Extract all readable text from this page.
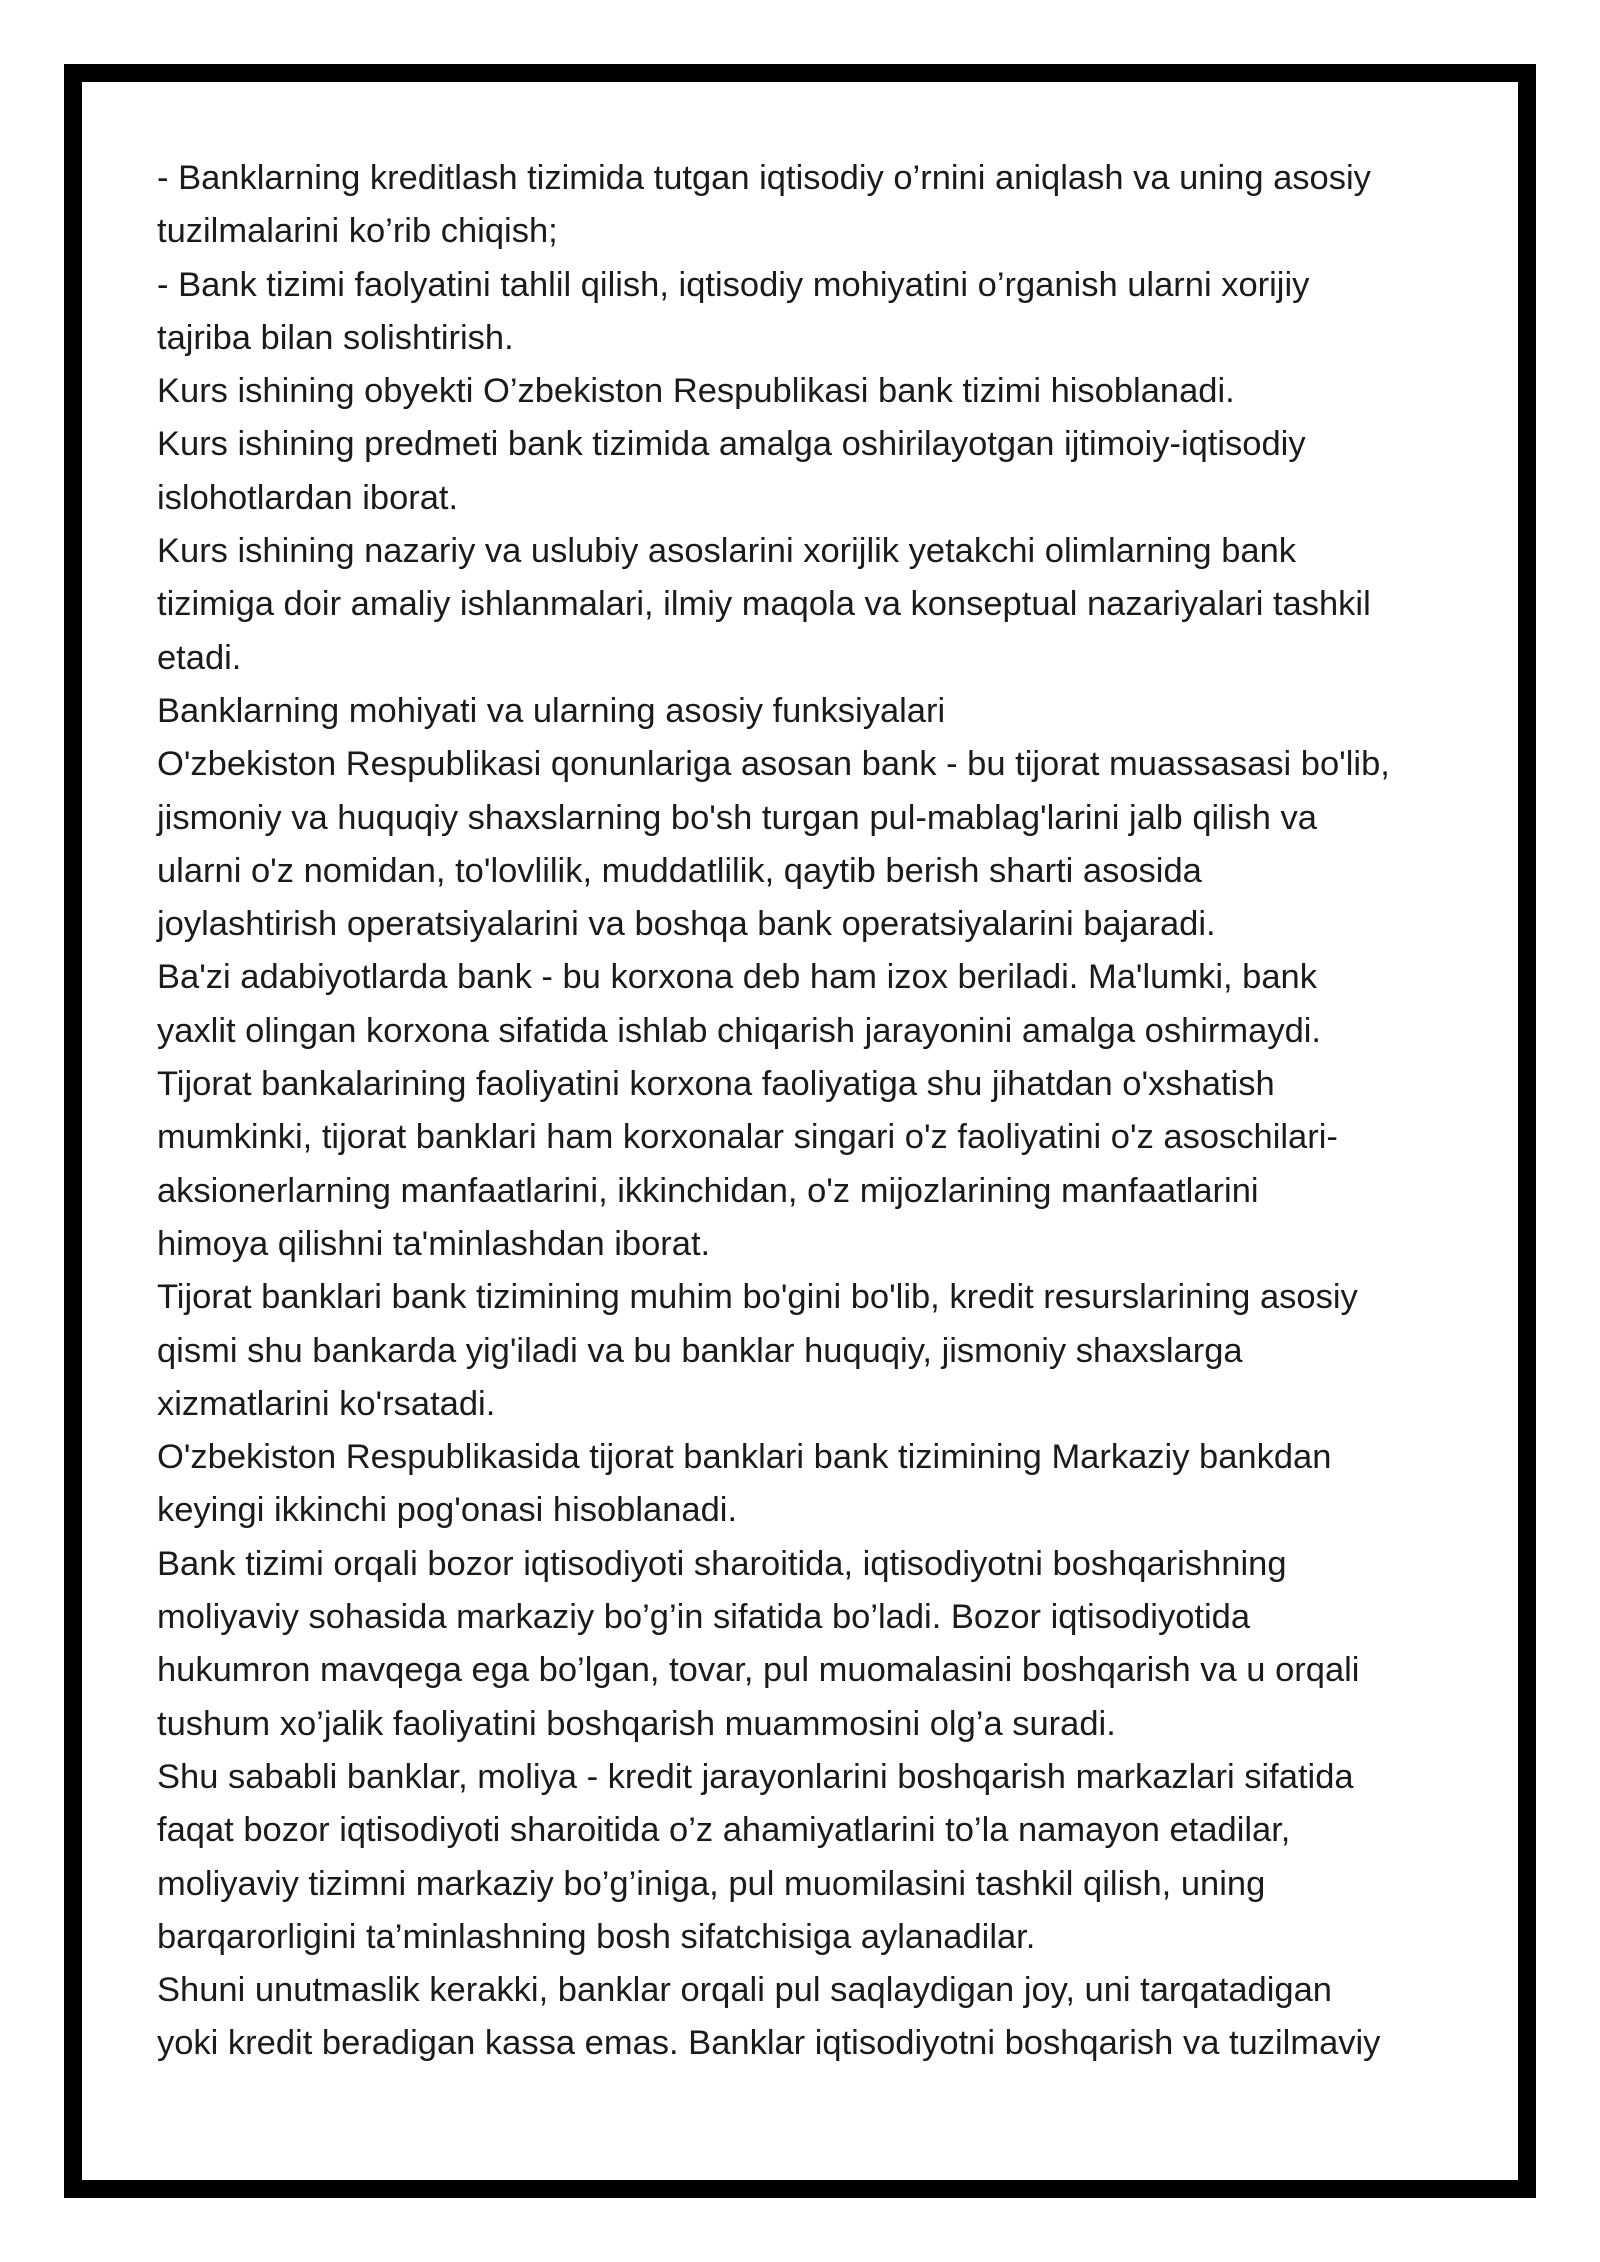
- Banklarning kreditlash tizimida tutgan iqtisodiy o’rnini aniqlash va uning asosiy
tuzilmalarini ko’rib chiqish;
- Bank tizimi faolyatini tahlil qilish, iqtisodiy mohiyatini o’rganish ularni xorijiy
tajriba bilan solishtirish.
Kurs ishining obyekti O’zbekiston Respublikasi bank tizimi hisoblanadi.
Kurs ishining predmeti bank tizimida amalga oshirilayotgan ijtimoiy-iqtisodiy
islohotlardan iborat.
Kurs ishining nazariy va uslubiy asoslarini xorijlik yetakchi olimlarning bank
tizimiga doir amaliy ishlanmalari, ilmiy maqola va konseptual nazariyalari tashkil
etadi.
Banklarning mohiyati va ularning asosiy funksiyalari
O'zbekiston Respublikasi qonunlariga asosan bank - bu tijorat muassasasi bo'lib,
jismoniy va huquqiy shaxslarning bo'sh turgan pul-mablag'larini jalb qilish va
ularni o'z nomidan, to'lovlilik, muddatlilik, qaytib berish sharti asosida
joylashtirish operatsiyalarini va boshqa bank operatsiyalarini bajaradi.
Ba'zi adabiyotlarda bank - bu korxona deb ham izox beriladi. Ma'lumki, bank
yaxlit olingan korxona sifatida ishlab chiqarish jarayonini amalga oshirmaydi.
Tijorat bankalarining faoliyatini korxona faoliyatiga shu jihatdan o'xshatish
mumkinki, tijorat banklari ham korxonalar singari o'z faoliyatini o'z asoschilari-
aksionerlarning manfaatlarini, ikkinchidan, o'z mijozlarining manfaatlarini
himoya qilishni ta'minlashdan iborat.
Tijorat banklari bank tizimining muhim bo'gini bo'lib, kredit resurslarining asosiy
qismi shu bankarda yig'iladi va bu banklar huquqiy, jismoniy shaxslarga
xizmatlarini ko'rsatadi.
O'zbekiston Respublikasida tijorat banklari bank tizimining Markaziy bankdan
keyingi ikkinchi pog'onasi hisoblanadi.
Bank tizimi orqali bozor iqtisodiyoti sharoitida, iqtisodiyotni boshqarishning
moliyaviy sohasida markaziy bo’g’in sifatida bo’ladi. Bozor iqtisodiyotida
hukumron mavqega ega bo’lgan, tovar, pul muomalasini boshqarish va u orqali
tushum xo’jalik faoliyatini boshqarish muammosini olg’a suradi.
Shu sababli banklar, moliya - kredit jarayonlarini boshqarish markazlari sifatida
faqat bozor iqtisodiyoti sharoitida o’z ahamiyatlarini to’la namayon etadilar,
moliyaviy tizimni markaziy bo’g’iniga, pul muomilasini tashkil qilish, uning
barqarorligini ta’minlashning bosh sifatchisiga aylanadilar.
Shuni unutmaslik kerakki, banklar orqali pul saqlaydigan joy, uni tarqatadigan
yoki kredit beradigan kassa emas. Banklar iqtisodiyotni boshqarish va tuzilmaviy
